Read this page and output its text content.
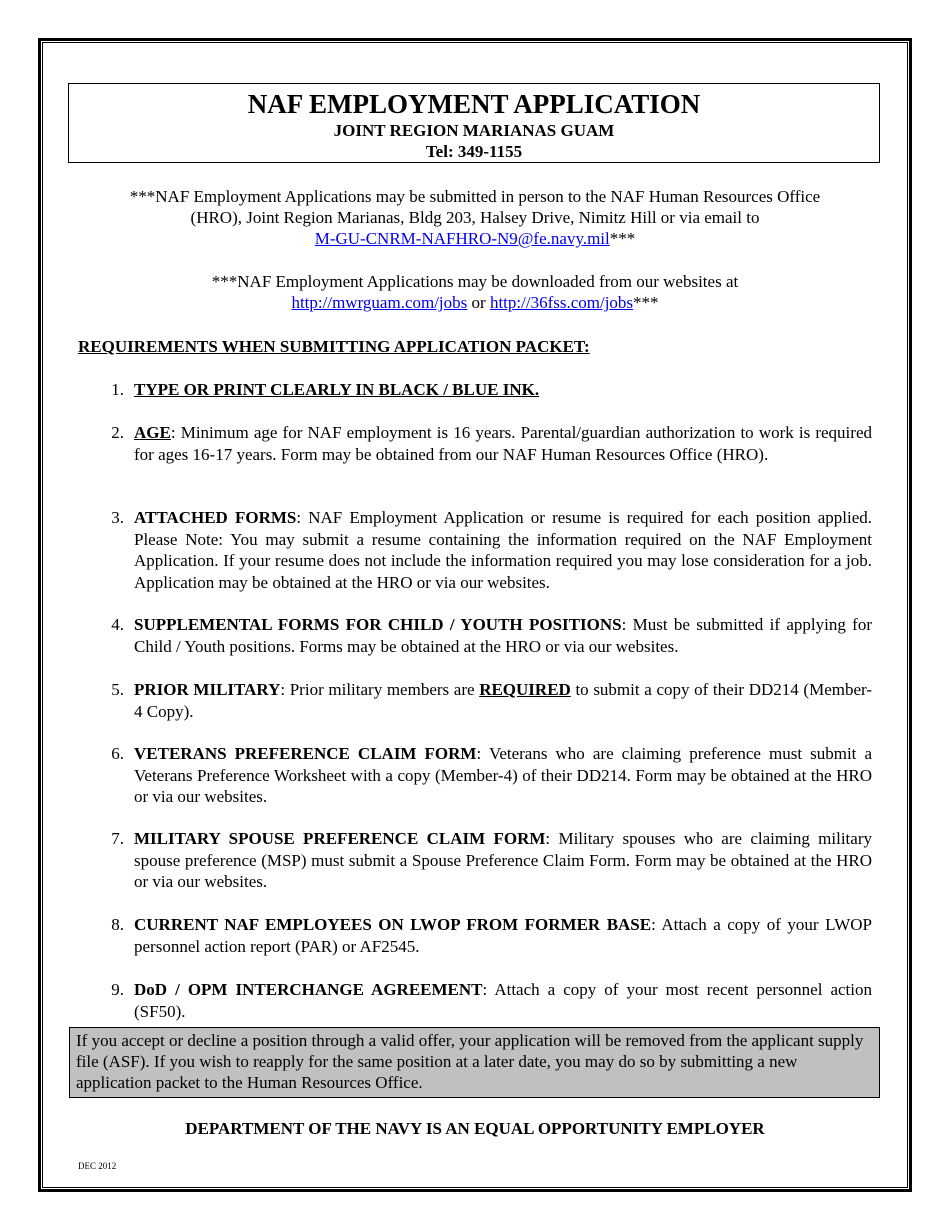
NAF EMPLOYMENT APPLICATION
JOINT REGION MARIANAS GUAM
Tel: 349-1155
***NAF Employment Applications may be submitted in person to the NAF Human Resources Office
(HRO), Joint Region Marianas, Bldg 203, Halsey Drive, Nimitz Hill or via email to
M-GU-CNRM-NAFHRO-N9@fe.navy.mil***
***NAF Employment Applications may be downloaded from our websites at
http://mwrguam.com/jobs or http://36fss.com/jobs***
REQUIREMENTS WHEN SUBMITTING APPLICATION PACKET:
1. TYPE OR PRINT CLEARLY IN BLACK / BLUE INK.
2. AGE: Minimum age for NAF employment is 16 years. Parental/guardian authorization to work is required for ages 16-17 years. Form may be obtained from our NAF Human Resources Office (HRO).
3. ATTACHED FORMS: NAF Employment Application or resume is required for each position applied. Please Note: You may submit a resume containing the information required on the NAF Employment Application. If your resume does not include the information required you may lose consideration for a job. Application may be obtained at the HRO or via our websites.
4. SUPPLEMENTAL FORMS FOR CHILD / YOUTH POSITIONS: Must be submitted if applying for Child / Youth positions. Forms may be obtained at the HRO or via our websites.
5. PRIOR MILITARY: Prior military members are REQUIRED to submit a copy of their DD214 (Member-4 Copy).
6. VETERANS PREFERENCE CLAIM FORM: Veterans who are claiming preference must submit a Veterans Preference Worksheet with a copy (Member-4) of their DD214. Form may be obtained at the HRO or via our websites.
7. MILITARY SPOUSE PREFERENCE CLAIM FORM: Military spouses who are claiming military spouse preference (MSP) must submit a Spouse Preference Claim Form. Form may be obtained at the HRO or via our websites.
8. CURRENT NAF EMPLOYEES ON LWOP FROM FORMER BASE: Attach a copy of your LWOP personnel action report (PAR) or AF2545.
9. DoD / OPM INTERCHANGE AGREEMENT: Attach a copy of your most recent personnel action (SF50).
If you accept or decline a position through a valid offer, your application will be removed from the applicant supply file (ASF). If you wish to reapply for the same position at a later date, you may do so by submitting a new application packet to the Human Resources Office.
DEPARTMENT OF THE NAVY IS AN EQUAL OPPORTUNITY EMPLOYER
DEC 2012
